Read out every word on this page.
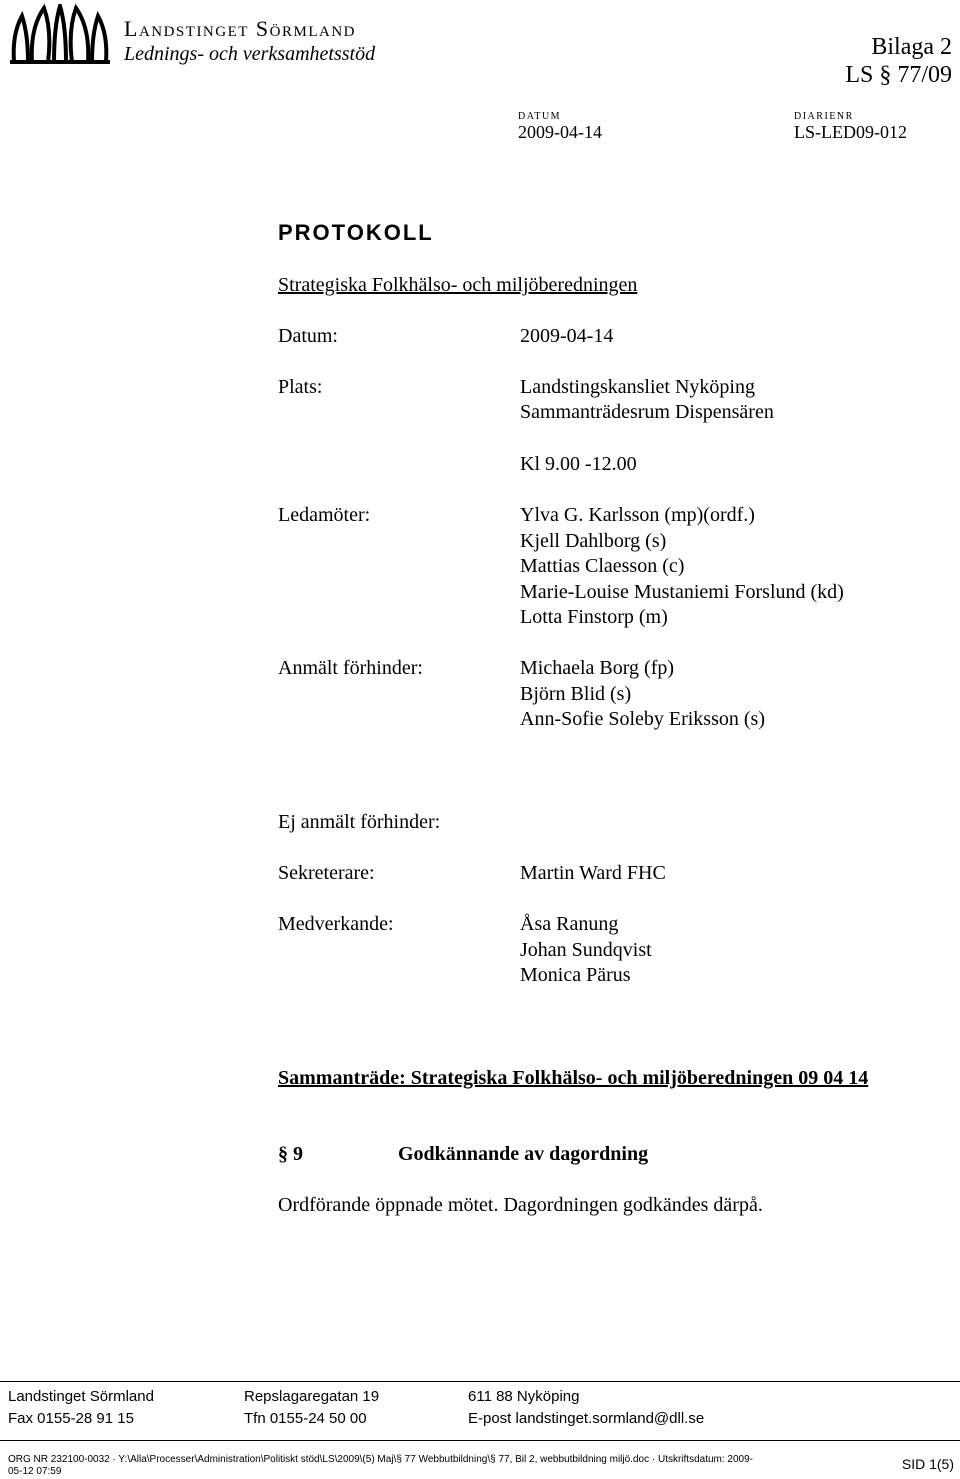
Landstinget Sörmland
Lednings- och verksamhetsstöd	Bilaga 2
LS § 77/09
DATUM	DIARIENR
2009-04-14	LS-LED09-012
PROTOKOLL
Strategiska Folkhälso- och miljöberedningen
Datum:	2009-04-14
Plats:	Landstingskansliet Nyköping
Sammanträdesrum Dispensären
Kl 9.00 -12.00
Ledamöter:	Ylva G. Karlsson (mp)(ordf.)
Kjell Dahlborg (s)
Mattias Claesson (c)
Marie-Louise Mustaniemi Forslund (kd)
Lotta Finstorp (m)
Anmält förhinder:	Michaela Borg (fp)
Björn Blid (s)
Ann-Sofie Soleby Eriksson (s)
Ej anmält förhinder:
Sekreterare:	Martin Ward FHC
Medverkande:	Åsa Ranung
Johan Sundqvist
Monica Pärus
Sammanträde: Strategiska Folkhälso- och miljöberedningen 09 04 14
§ 9	Godkännande av dagordning
Ordförande öppnade mötet. Dagordningen godkändes därpå.
Landstinget Sörmland	Repslagaregatan 19	611 88 Nyköping
Fax 0155-28 91 15	Tfn 0155-24 50 00	E-post landstinget.sormland@dll.se
ORG NR 232100-0032 · Y:\Alla\Processer\Administration\Politiskt stöd\LS\2009\(5) Maj\§ 77 Webbutbildning\§ 77, Bil 2, webbutbildning miljö.doc · Utskriftsdatum: 2009-
05-12 07:59	SID 1(5)
